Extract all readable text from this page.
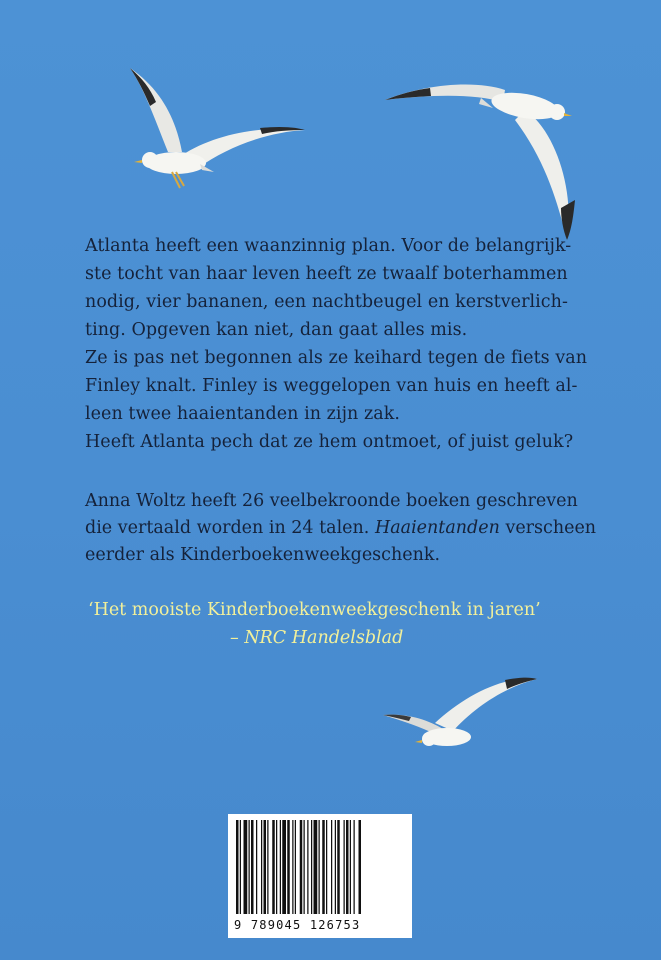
Atlanta heeft een waanzinnig plan. Voor de belangrijk-
ste tocht van haar leven heeft ze twaalf boterhammen
nodig, vier bananen, een nachtbeugel en kerstverlich-
ting. Opgeven kan niet, dan gaat alles mis.
Ze is pas net begonnen als ze keihard tegen de fiets van
Finley knalt. Finley is weggelopen van huis en heeft al-
leen twee haaientanden in zijn zak.
Heeft Atlanta pech dat ze hem ontmoet, of juist geluk?
Anna Woltz heeft 26 veelbekroonde boeken geschreven
die vertaald worden in 24 talen. Haaientanden verscheen
eerder als Kinderboekenweekgeschenk.
‘Het mooiste Kinderboekenweekgeschenk in jaren’
– NRC Handelsblad
9 789045 126753
